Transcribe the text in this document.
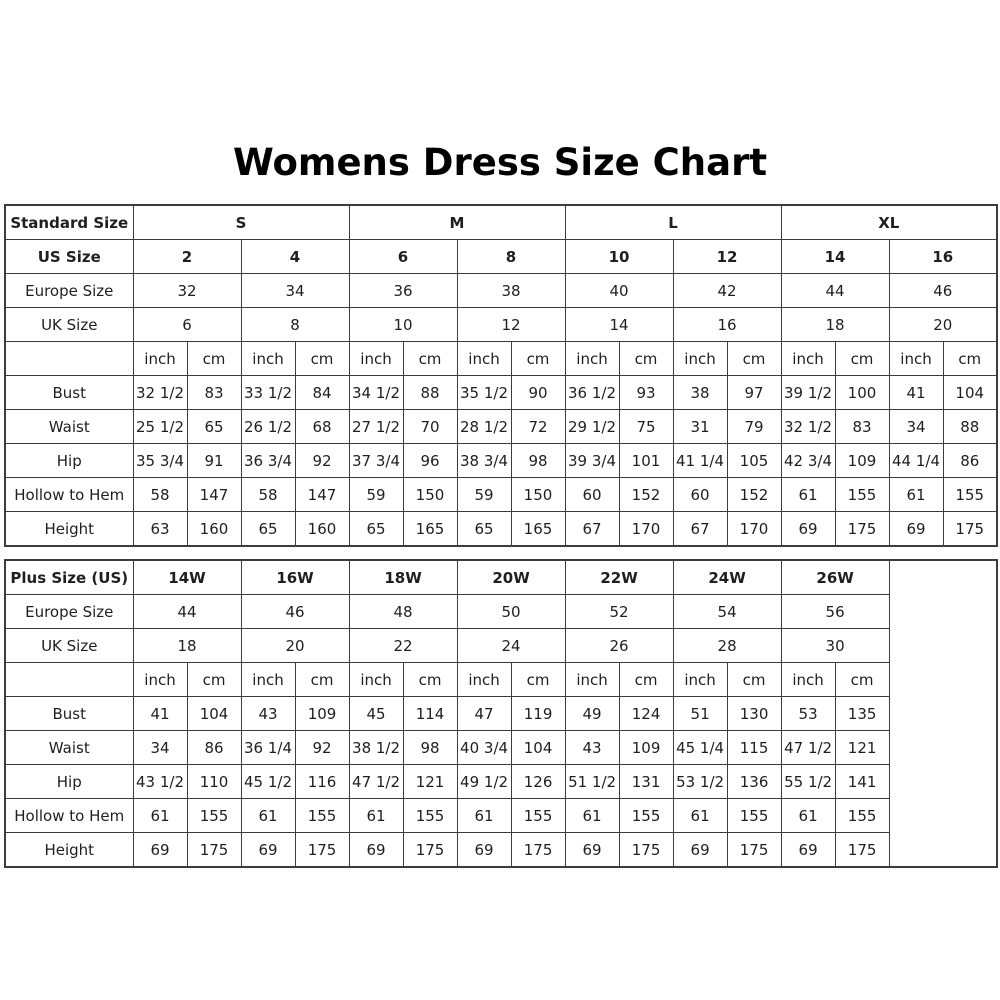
Womens Dress Size Chart
Standard Size	S				M				L				XL			
US Size	2		4		6		8		10		12		14		16	
Europe Size	32		34		36		38		40		42		44		46	
UK Size	6		8		10		12		14		16		18		20	
	inch	cm	inch	cm	inch	cm	inch	cm	inch	cm	inch	cm	inch	cm	inch	cm
Bust	32 1/2	83	33 1/2	84	34 1/2	88	35 1/2	90	36 1/2	93	38	97	39 1/2	100	41	104
Waist	25 1/2	65	26 1/2	68	27 1/2	70	28 1/2	72	29 1/2	75	31	79	32 1/2	83	34	88
Hip	35 3/4	91	36 3/4	92	37 3/4	96	38 3/4	98	39 3/4	101	41 1/4	105	42 3/4	109	44 1/4	86
Hollow to Hem	58	147	58	147	59	150	59	150	60	152	60	152	61	155	61	155
Height	63	160	65	160	65	165	65	165	67	170	67	170	69	175	69	175
Plus Size (US)	14W		16W		18W		20W		22W		24W		26W		
Europe Size	44		46		48		50		52		54		56		
UK Size	18		20		22		24		26		28		30		
	inch	cm	inch	cm	inch	cm	inch	cm	inch	cm	inch	cm	inch	cm	
Bust	41	104	43	109	45	114	47	119	49	124	51	130	53	135	
Waist	34	86	36 1/4	92	38 1/2	98	40 3/4	104	43	109	45 1/4	115	47 1/2	121	
Hip	43 1/2	110	45 1/2	116	47 1/2	121	49 1/2	126	51 1/2	131	53 1/2	136	55 1/2	141	
Hollow to Hem	61	155	61	155	61	155	61	155	61	155	61	155	61	155	
Height	69	175	69	175	69	175	69	175	69	175	69	175	69	175	
